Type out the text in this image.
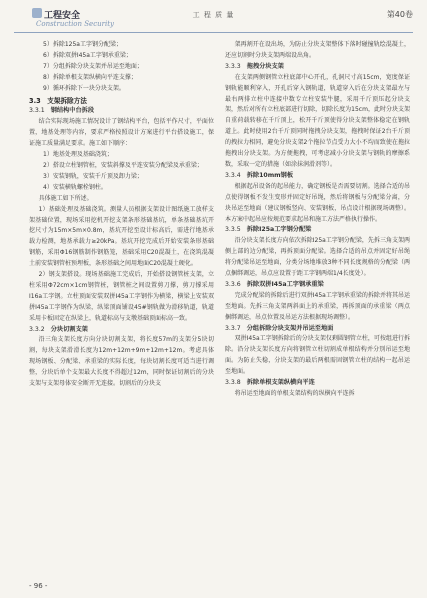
工程安全
Construction Security
工 程 质 量	第40卷
5）拆除125a工字钢分配梁；
6）拆除双拼I45a工字钢承重梁；
7）分组拆除分块支架并吊运至地面；
8）拆除单根支架纵横向平连支撑；
9）循环拆除下一块分块支架。
3.3　支架拆除方法
3.3.1 钢结构中台拆段
结合实际现场施工情况设计了钢结构平台，包括平作尺寸，平面位置，地基处理等内容，要求严格按照设计方案进行平台搭设施工，保证施工质量满足要求。施工如下顺序：
1）地基处理及基础浇筑；
2）搭设立柱钢管桩，安装斜撑及平连安装分配梁及承重梁；
3）安装钢轨，安装千斤顶及卸力梁；
4）安装横轨螺栓钢柱。
具体施工如下所述。
1）基础处理及基础浇筑。测量人员根据支架设计图纸施工放样支架基础位置，现场采用挖机开挖支架条形基础基坑，单条基础基坑开挖尺寸为15m×5m×0.8m，基坑开挖至设计标高后，需进行地基承载力检测，地基承载力≥20kPa。基坑开挖完成后开始安装条形基础钢筋，采用Φ16钢筋制作钢筋笼，基础采用C20混凝土，在浇筑混凝土前安装钢管桩预埋板，条形基础之间用地面C20混凝土硬化。
2）钢支架搭设。现场基础施工完成后，开始搭设钢管桩支架，立柱采用Φ72cm×1cm钢管桩，钢管桩之间设置剪刀撑，剪刀撑采用I16a工字钢。立柱顶面安装双拼I45a工字钢作为横梁，横梁上安装双拼I45a工字钢作为纵梁，纵梁顶面铺设45#钢轨做为滑移轨道，轨道采用卡板固定在纵梁上，轨道标高与支墩基础顶面标高一致。
3.3.2 分块切割支架
沿三角支架长度方向分块切割支架，将长度57m的支架分5块切割，每块支架滑滑长度为12m+12m+9m+12m+12m。考虑具体现场钢板、分配梁、承重梁的实际长度，每块切割长度可适当进行调整，分块后单个支架最大长度不得超过12m，同时保证切割后的分块支架与支架母体安全断开无连接。切割后的分块支
架再割开在设出场，为防止分块支架整体下落时碰撞轨绘混凝土，还应切割时分块支架两端设出角。
3.3.3 拖拽分块支架
在支架两侧钢管立柱底部中心开孔，孔洞尺寸高15cm，宽度保证钢轨能顺利穿入，开孔后穿入钢轨道，轨道穿入后在分块支架最左与最右两排立柱中连接中数专立柱安装牛腿，采用千斤顶压起分块支架，然后对所有立柱底部进行切除，切除长度为15cm，此时分块支架自重荷载转移在千斤顶上，松开千斤顶使得分块支架整体稳定在钢轨道上。此时使用2台千斤顶同时拖拽分块支架，拖拽时保证2台千斤顶的拽拉力相同，避免分块支架2个拖拉节点受力大小不均而致使在拖拉拖拽出分块支架。为方便拖拽，可考虑减小分块支架与钢轨的摩擦系数，采取一定的措施（如涂抹润滑剂等）。
3.3.4 拆除10mm钢板
根据起吊设备的起吊能力，确定钢板是否需要切割。选择合适的吊点使得钢板不发生变形并固定好吊绳，然后将钢板与分配梁分离，分块吊运至地面（建议钢板竖向、安装钢板，吊点设计根据现场调整）。本方案中起吊应按规范要求起吊和施工方法严格执行操作。
3.3.5 拆除I25a工字钢分配梁
沿分块支架长度方向依次拆除I25a工字钢分配梁，先拆三角支架两侧上部的边分配梁，再拆顶面分配梁。选择合适的吊点并固定好吊绳将分配梁吊运至地面，分类分场地堆放3种不同长度规格的分配梁（两点捆绑调运，吊点应设置于距工字钢两端1/4长度处）。
3.3.6 拆除双拼I45a工字钢承重梁
完成分配梁的拆除后进行双拼I45a工字钢承重梁的拆除并将其吊运至地面。先拆三角支架两斜面上的承重梁，再拆顶面的承重梁（两点捆绑调运，吊点位置及吊运方法根据现场调整）。
3.3.7 分组拆除分块支架并吊运至地面
双拼I45a工字钢拆除后的分块支架仅剩圆钢管立柱，可按组进行拆除。沿分块支架长度方向将钢管立柱切割成单根结构并分别吊运至地面。为防止失稳，分块支架的最后两根需固钢管立柱的结构一起吊运至地面。
3.3.8 拆除单根支架纵横向平连
将吊运至地面的单根支架结构的纵横向平连拆
- 96 -
